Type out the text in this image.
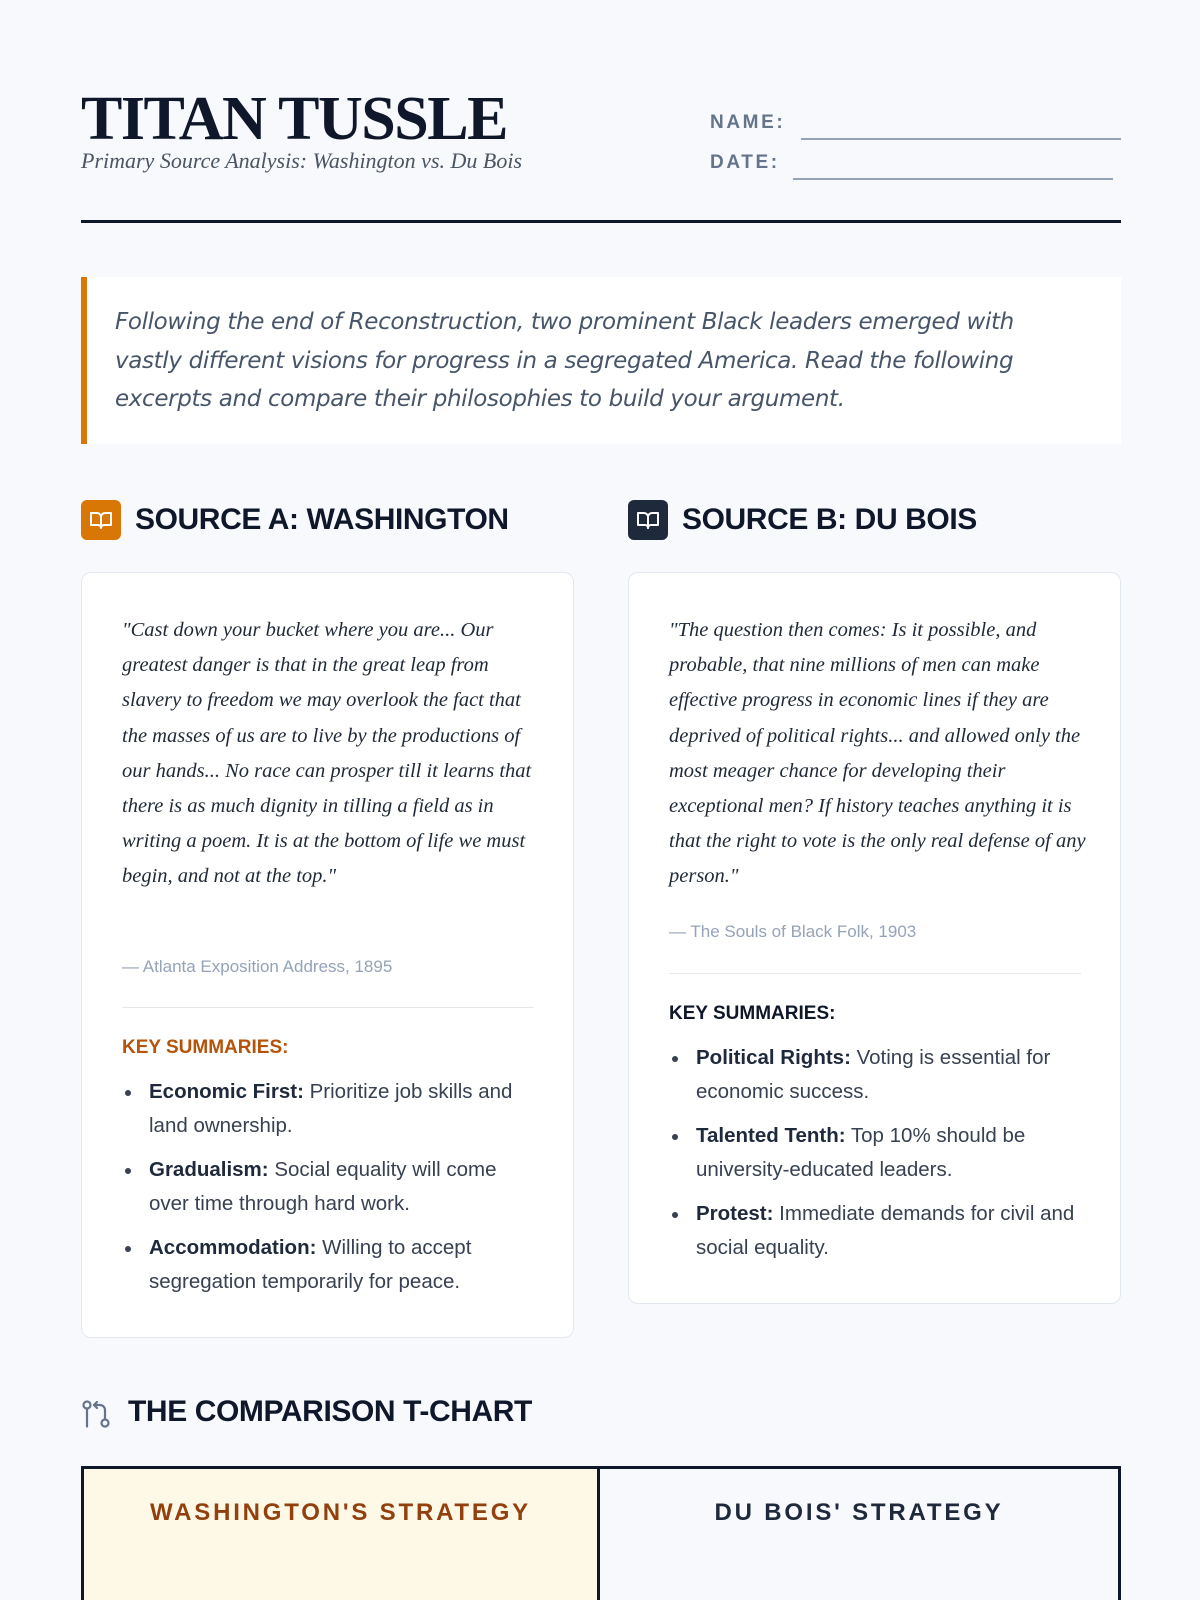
TITAN TUSSLE
Primary Source Analysis: Washington vs. Du Bois
NAME:
DATE:

Following the end of Reconstruction, two prominent Black leaders emerged with vastly different visions for progress in a segregated America. Read the following excerpts and compare their philosophies to build your argument.

SOURCE A: WASHINGTON	SOURCE B: DU BOIS

"Cast down your bucket where you are... Our greatest danger is that in the great leap from slavery to freedom we may overlook the fact that the masses of us are to live by the productions of our hands... No race can prosper till it learns that there is as much dignity in tilling a field as in writing a poem. It is at the bottom of life we must begin, and not at the top."

— Atlanta Exposition Address, 1895
KEY SUMMARIES:
Economic First: Prioritize job skills and land ownership.
Gradualism: Social equality will come over time through hard work.
Accommodation: Willing to accept segregation temporarily for peace.

"The question then comes: Is it possible, and probable, that nine millions of men can make effective progress in economic lines if they are deprived of political rights... and allowed only the most meager chance for developing their exceptional men? If history teaches anything it is that the right to vote is the only real defense of any person."

— The Souls of Black Folk, 1903
KEY SUMMARIES:
Political Rights: Voting is essential for economic success.
Talented Tenth: Top 10% should be university-educated leaders.
Protest: Immediate demands for civil and social equality.
THE COMPARISON T-CHART
WASHINGTON'S STRATEGY	DU BOIS' STRATEGY
